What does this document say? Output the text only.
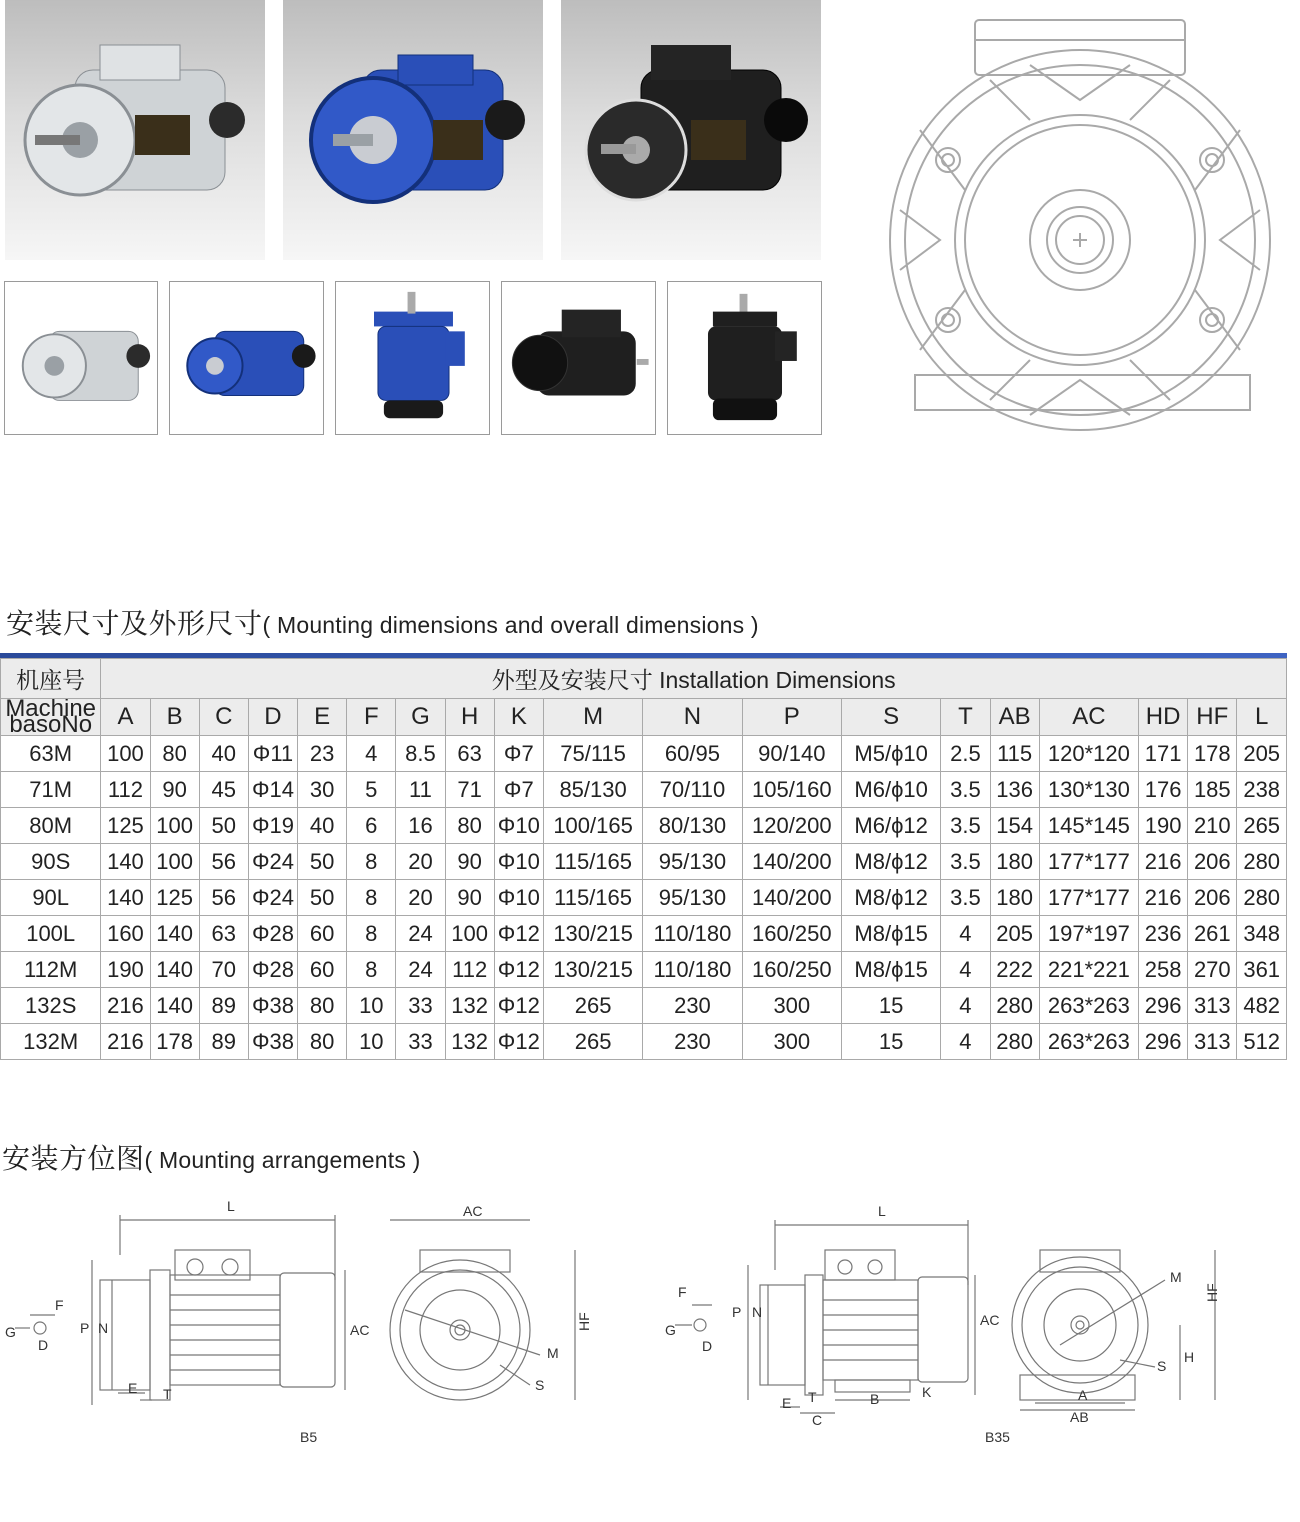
安装尺寸及外形尺寸( Mounting dimensions and overall dimensions )
机座号	外型及安装尺寸 Installation Dimensions																		
Machine basoNo	A	B	C	D	E	F	G	H	K	M	N	P	S	T	AB	AC	HD	HF	L
63M	100	80	40	Φ11	23	4	8.5	63	Φ7	75/115	60/95	90/140	M5/ϕ10	2.5	115	120*120	171	178	205
71M	112	90	45	Φ14	30	5	11	71	Φ7	85/130	70/110	105/160	M6/ϕ10	3.5	136	130*130	176	185	238
80M	125	100	50	Φ19	40	6	16	80	Φ10	100/165	80/130	120/200	M6/ϕ12	3.5	154	145*145	190	210	265
90S	140	100	56	Φ24	50	8	20	90	Φ10	115/165	95/130	140/200	M8/ϕ12	3.5	180	177*177	216	206	280
90L	140	125	56	Φ24	50	8	20	90	Φ10	115/165	95/130	140/200	M8/ϕ12	3.5	180	177*177	216	206	280
100L	160	140	63	Φ28	60	8	24	100	Φ12	130/215	110/180	160/250	M8/ϕ15	4	205	197*197	236	261	348
112M	190	140	70	Φ28	60	8	24	112	Φ12	130/215	110/180	160/250	M8/ϕ15	4	222	221*221	258	270	361
132S	216	140	89	Φ38	80	10	33	132	Φ12	265	230	300	15	4	280	263*263	296	313	482
132M	216	178	89	Φ38	80	10	33	132	Φ12	265	230	300	15	4	280	263*263	296	313	512
安装方位图( Mounting arrangements )
L
P N	AC
E T
F
G
D
AC
HF
M
S
B5
L
P N	AC
E T
C
B	K
F
G
D
HF
H
M
S
A
AB
B35
